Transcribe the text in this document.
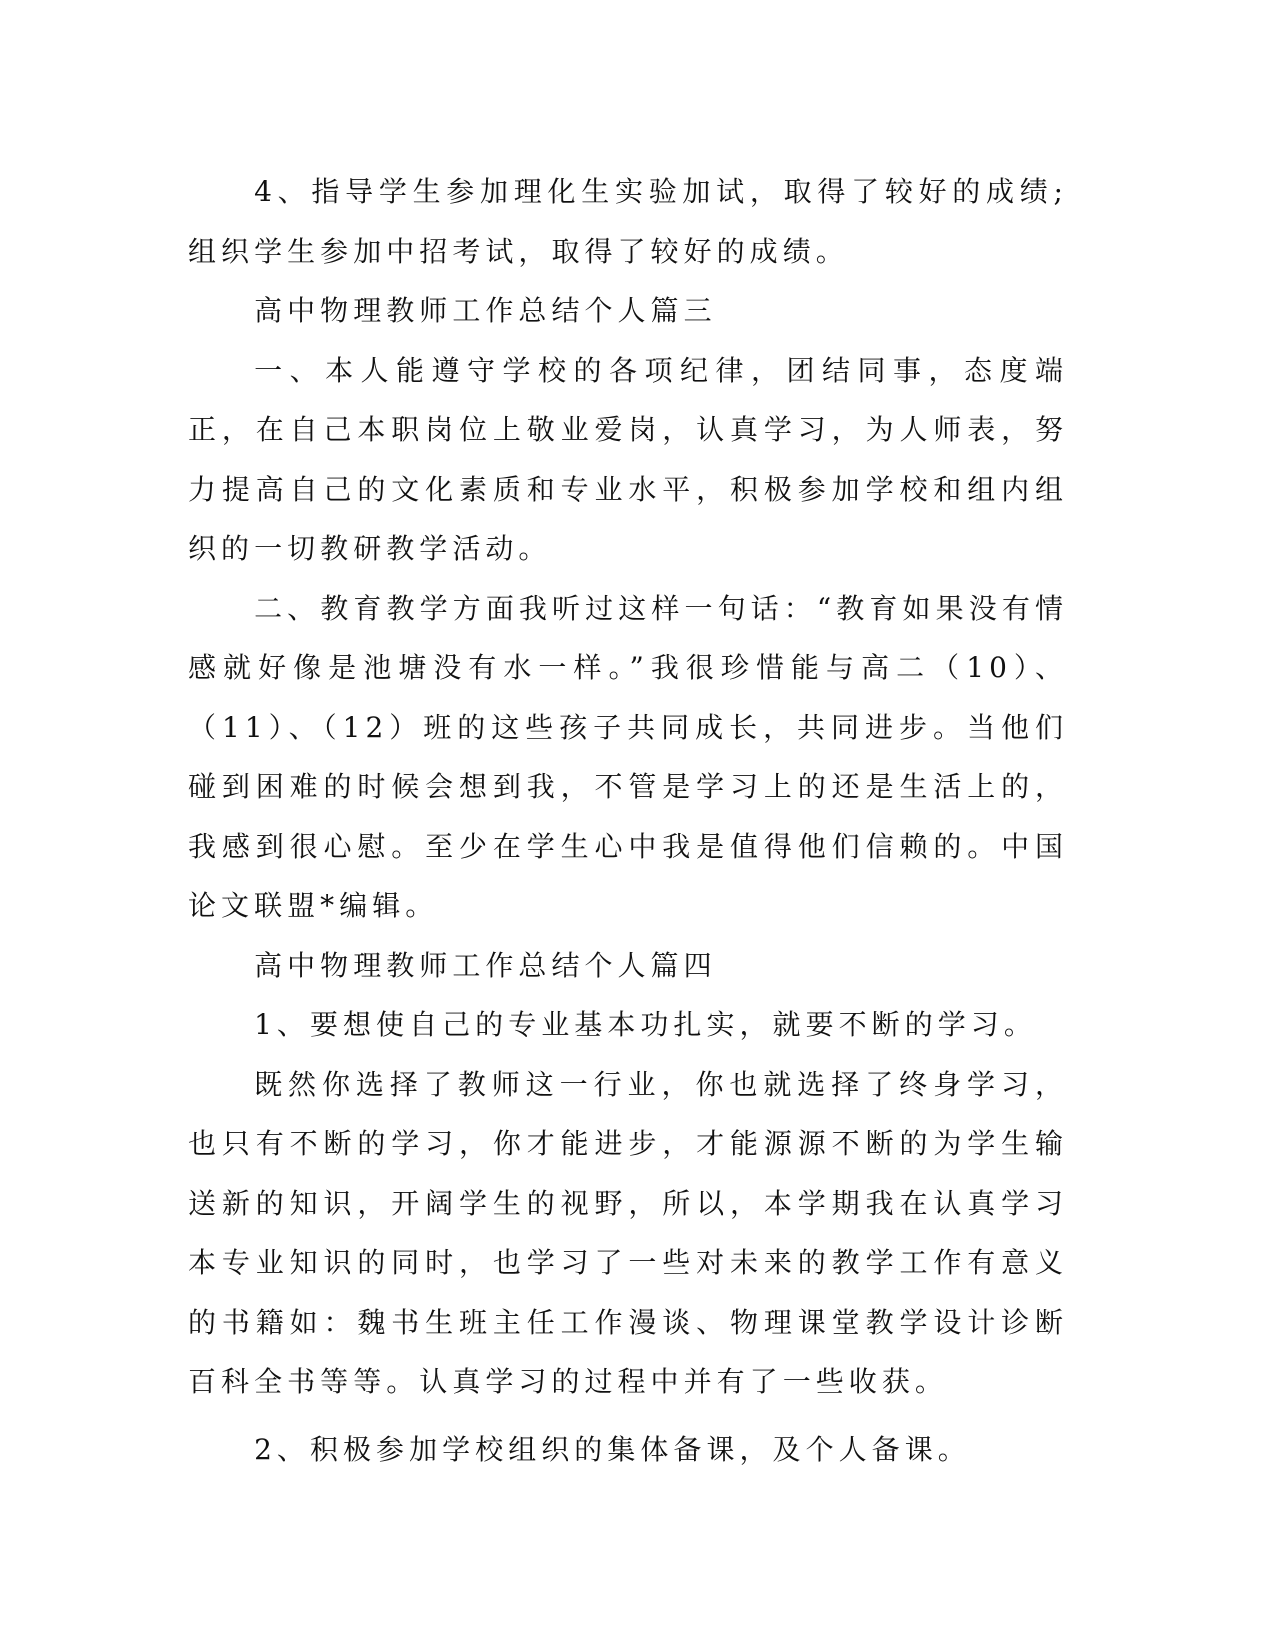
4、指导学生参加理化生实验加试，取得了较好的成绩;组织学生参加中招考试，取得了较好的成绩。

高中物理教师工作总结个人篇三

一、本人能遵守学校的各项纪律，团结同事，态度端正，在自己本职岗位上敬业爱岗，认真学习，为人师表，努力提高自己的文化素质和专业水平，积极参加学校和组内组织的一切教研教学活动。

二、教育教学方面我听过这样一句话：“教育如果没有情感就好像是池塘没有水一样。”我很珍惜能与高二（10）、（11）、（12）班的这些孩子共同成长，共同进步。当他们碰到困难的时候会想到我，不管是学习上的还是生活上的，我感到很心慰。至少在学生心中我是值得他们信赖的。中国论文联盟*编辑。

高中物理教师工作总结个人篇四

1、要想使自己的专业基本功扎实，就要不断的学习。

既然你选择了教师这一行业，你也就选择了终身学习，也只有不断的学习，你才能进步，才能源源不断的为学生输送新的知识，开阔学生的视野，所以，本学期我在认真学习本专业知识的同时，也学习了一些对未来的教学工作有意义的书籍如：魏书生班主任工作漫谈、物理课堂教学设计诊断百科全书等等。认真学习的过程中并有了一些收获。

2、积极参加学校组织的集体备课，及个人备课。
